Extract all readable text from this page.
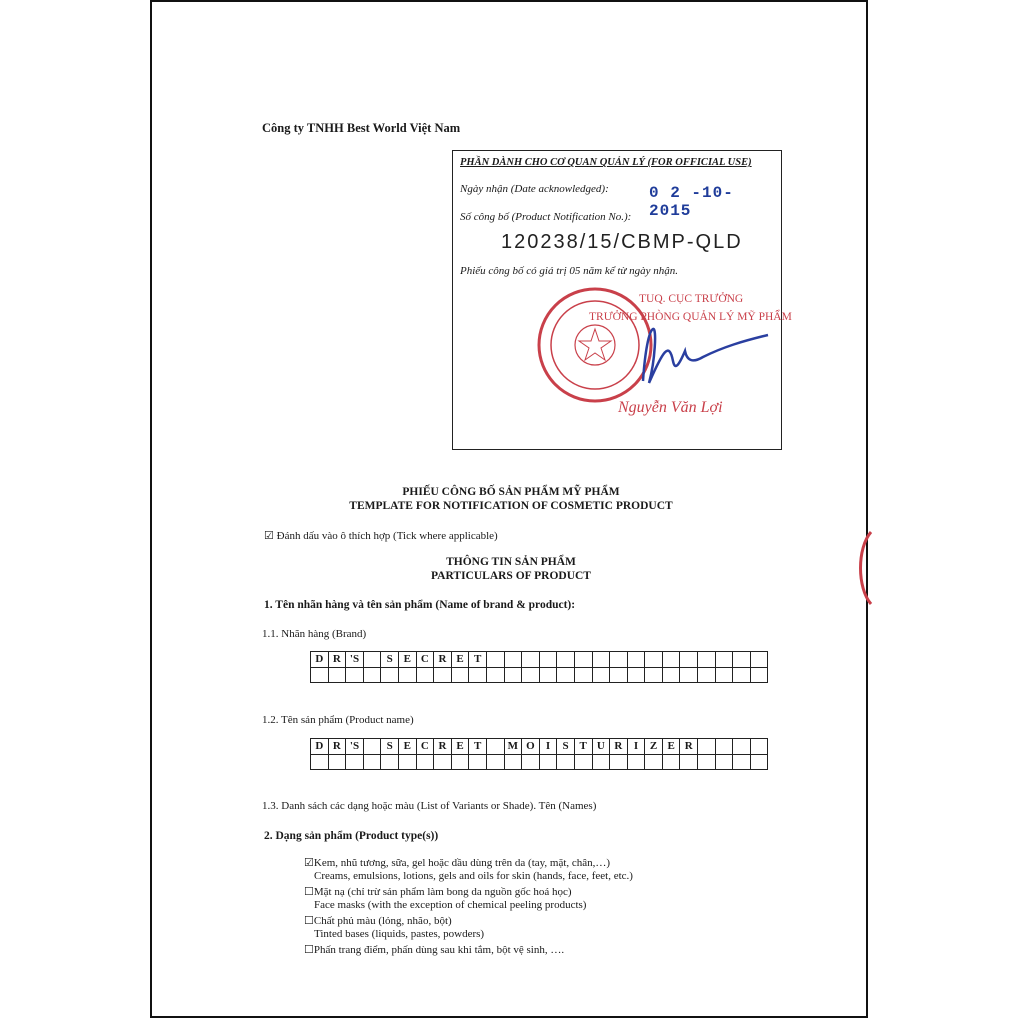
Công ty TNHH Best World Việt Nam
PHẦN DÀNH CHO CƠ QUAN QUẢN LÝ (FOR OFFICIAL USE)
Ngày nhận (Date acknowledged):	0 2 -10- 2015
Số công bố (Product Notification No.):
120238/15/CBMP-QLD
Phiếu công bố có giá trị 05 năm kể từ ngày nhận.
TUQ. CỤC TRƯỞNG
TRƯỞNG PHÒNG QUẢN LÝ MỸ PHẨM
Nguyễn Văn Lợi
PHIẾU CÔNG BỐ SẢN PHẨM MỸ PHẨM
TEMPLATE FOR NOTIFICATION OF COSMETIC PRODUCT
☑ Đánh dấu vào ô thích hợp (Tick where applicable)
THÔNG TIN SẢN PHẨM
PARTICULARS OF PRODUCT
1. Tên nhãn hàng và tên sản phẩm (Name of brand & product):
1.1. Nhãn hàng (Brand)
D	R	'S		S	E	C	R	E	T																

1.2. Tên sản phẩm (Product name)
D	R	'S		S	E	C	R	E	T		M	O	I	S	T	U	R	I	Z	E	R				

1.3. Danh sách các dạng hoặc màu (List of Variants or Shade). Tên (Names)
2. Dạng sản phẩm (Product type(s))
☑Kem, nhũ tương, sữa, gel hoặc dầu dùng trên da (tay, mặt, chân,…)
Creams, emulsions, lotions, gels and oils for skin (hands, face, feet, etc.)
☐Mặt nạ (chỉ trừ sản phẩm làm bong da nguồn gốc hoá học)
Face masks (with the exception of chemical peeling products)
☐Chất phủ màu (lỏng, nhão, bột)
Tinted bases (liquids, pastes, powders)
☐Phấn trang điểm, phấn dùng sau khi tắm, bột vệ sinh, ….
